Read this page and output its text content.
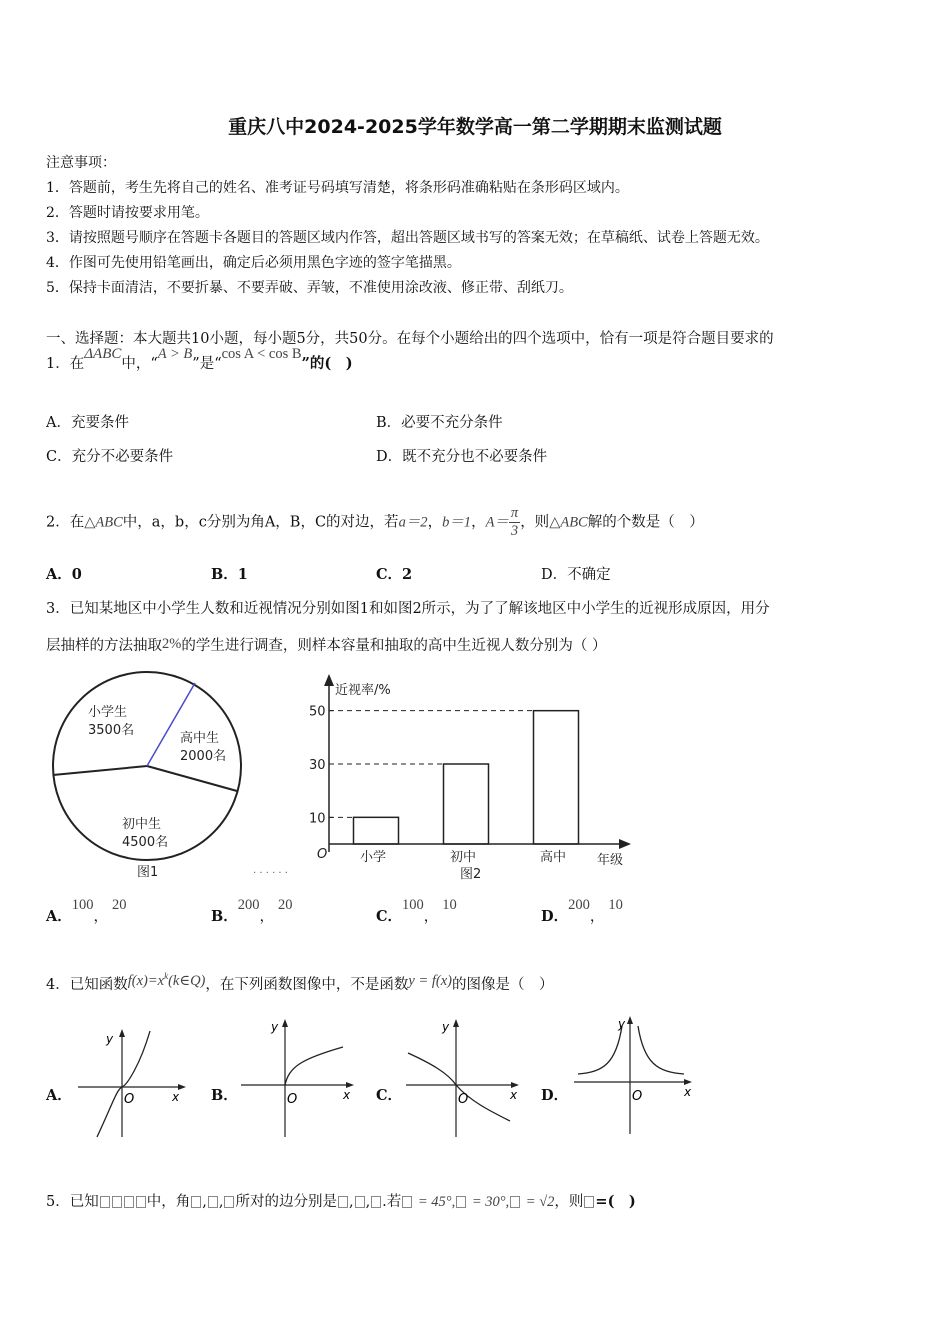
重庆八中2024-2025学年数学高一第二学期期末监测试题
注意事项：
1．答题前，考生先将自己的姓名、准考证号码填写清楚，将条形码准确粘贴在条形码区域内。
2．答题时请按要求用笔。
3．请按照题号顺序在答题卡各题目的答题区域内作答，超出答题区域书写的答案无效；在草稿纸、试卷上答题无效。
4．作图可先使用铅笔画出，确定后必须用黑色字迹的签字笔描黑。
5．保持卡面清洁，不要折暴、不要弄破、弄皱，不准使用涂改液、修正带、刮纸刀。
一、选择题：本大题共10小题，每小题5分，共50分。在每个小题给出的四个选项中，恰有一项是符合题目要求的
1．在ΔABC中，“A > B”是“cos A < cos B”的(　)
A．充要条件	B．必要不充分条件
C．充分不必要条件	D．既不充分也不必要条件
2．在△ABC中，a，b，c分别为角A，B，C的对边，若a＝2，b＝1，$A= \frac{\pi}{3}$ ，则△ABC解的个数是（　）
A．0	B．1	C．2	D．不确定
3．已知某地区中小学生人数和近视情况分别如图1和如图2所示，为了了解该地区中小学生的近视形成原因，用分
层抽样的方法抽取2%的学生进行调查，则样本容量和抽取的高中生近视人数分别为（ ）
小学生
3500名
高中生
2000名
初中生
4500名
图1	· · · · · ·
近视率/%
年级
O
10
30
50
小学	初中	高中
图2
A．100，20
B．200，20
C．100，10
D．200，10
4．已知函数$f(x)=x^k(k\in Q)$，在下列函数图像中，不是函数y = f(x)的图像是（　）
A．
y
x
O	B．
y
x
O	C．
y
x
O	D．
y
x
O
5．已知	中，角 , , 所对的边分别是 , , .若 = 45°, = 30°, = √2，则 =(　)
